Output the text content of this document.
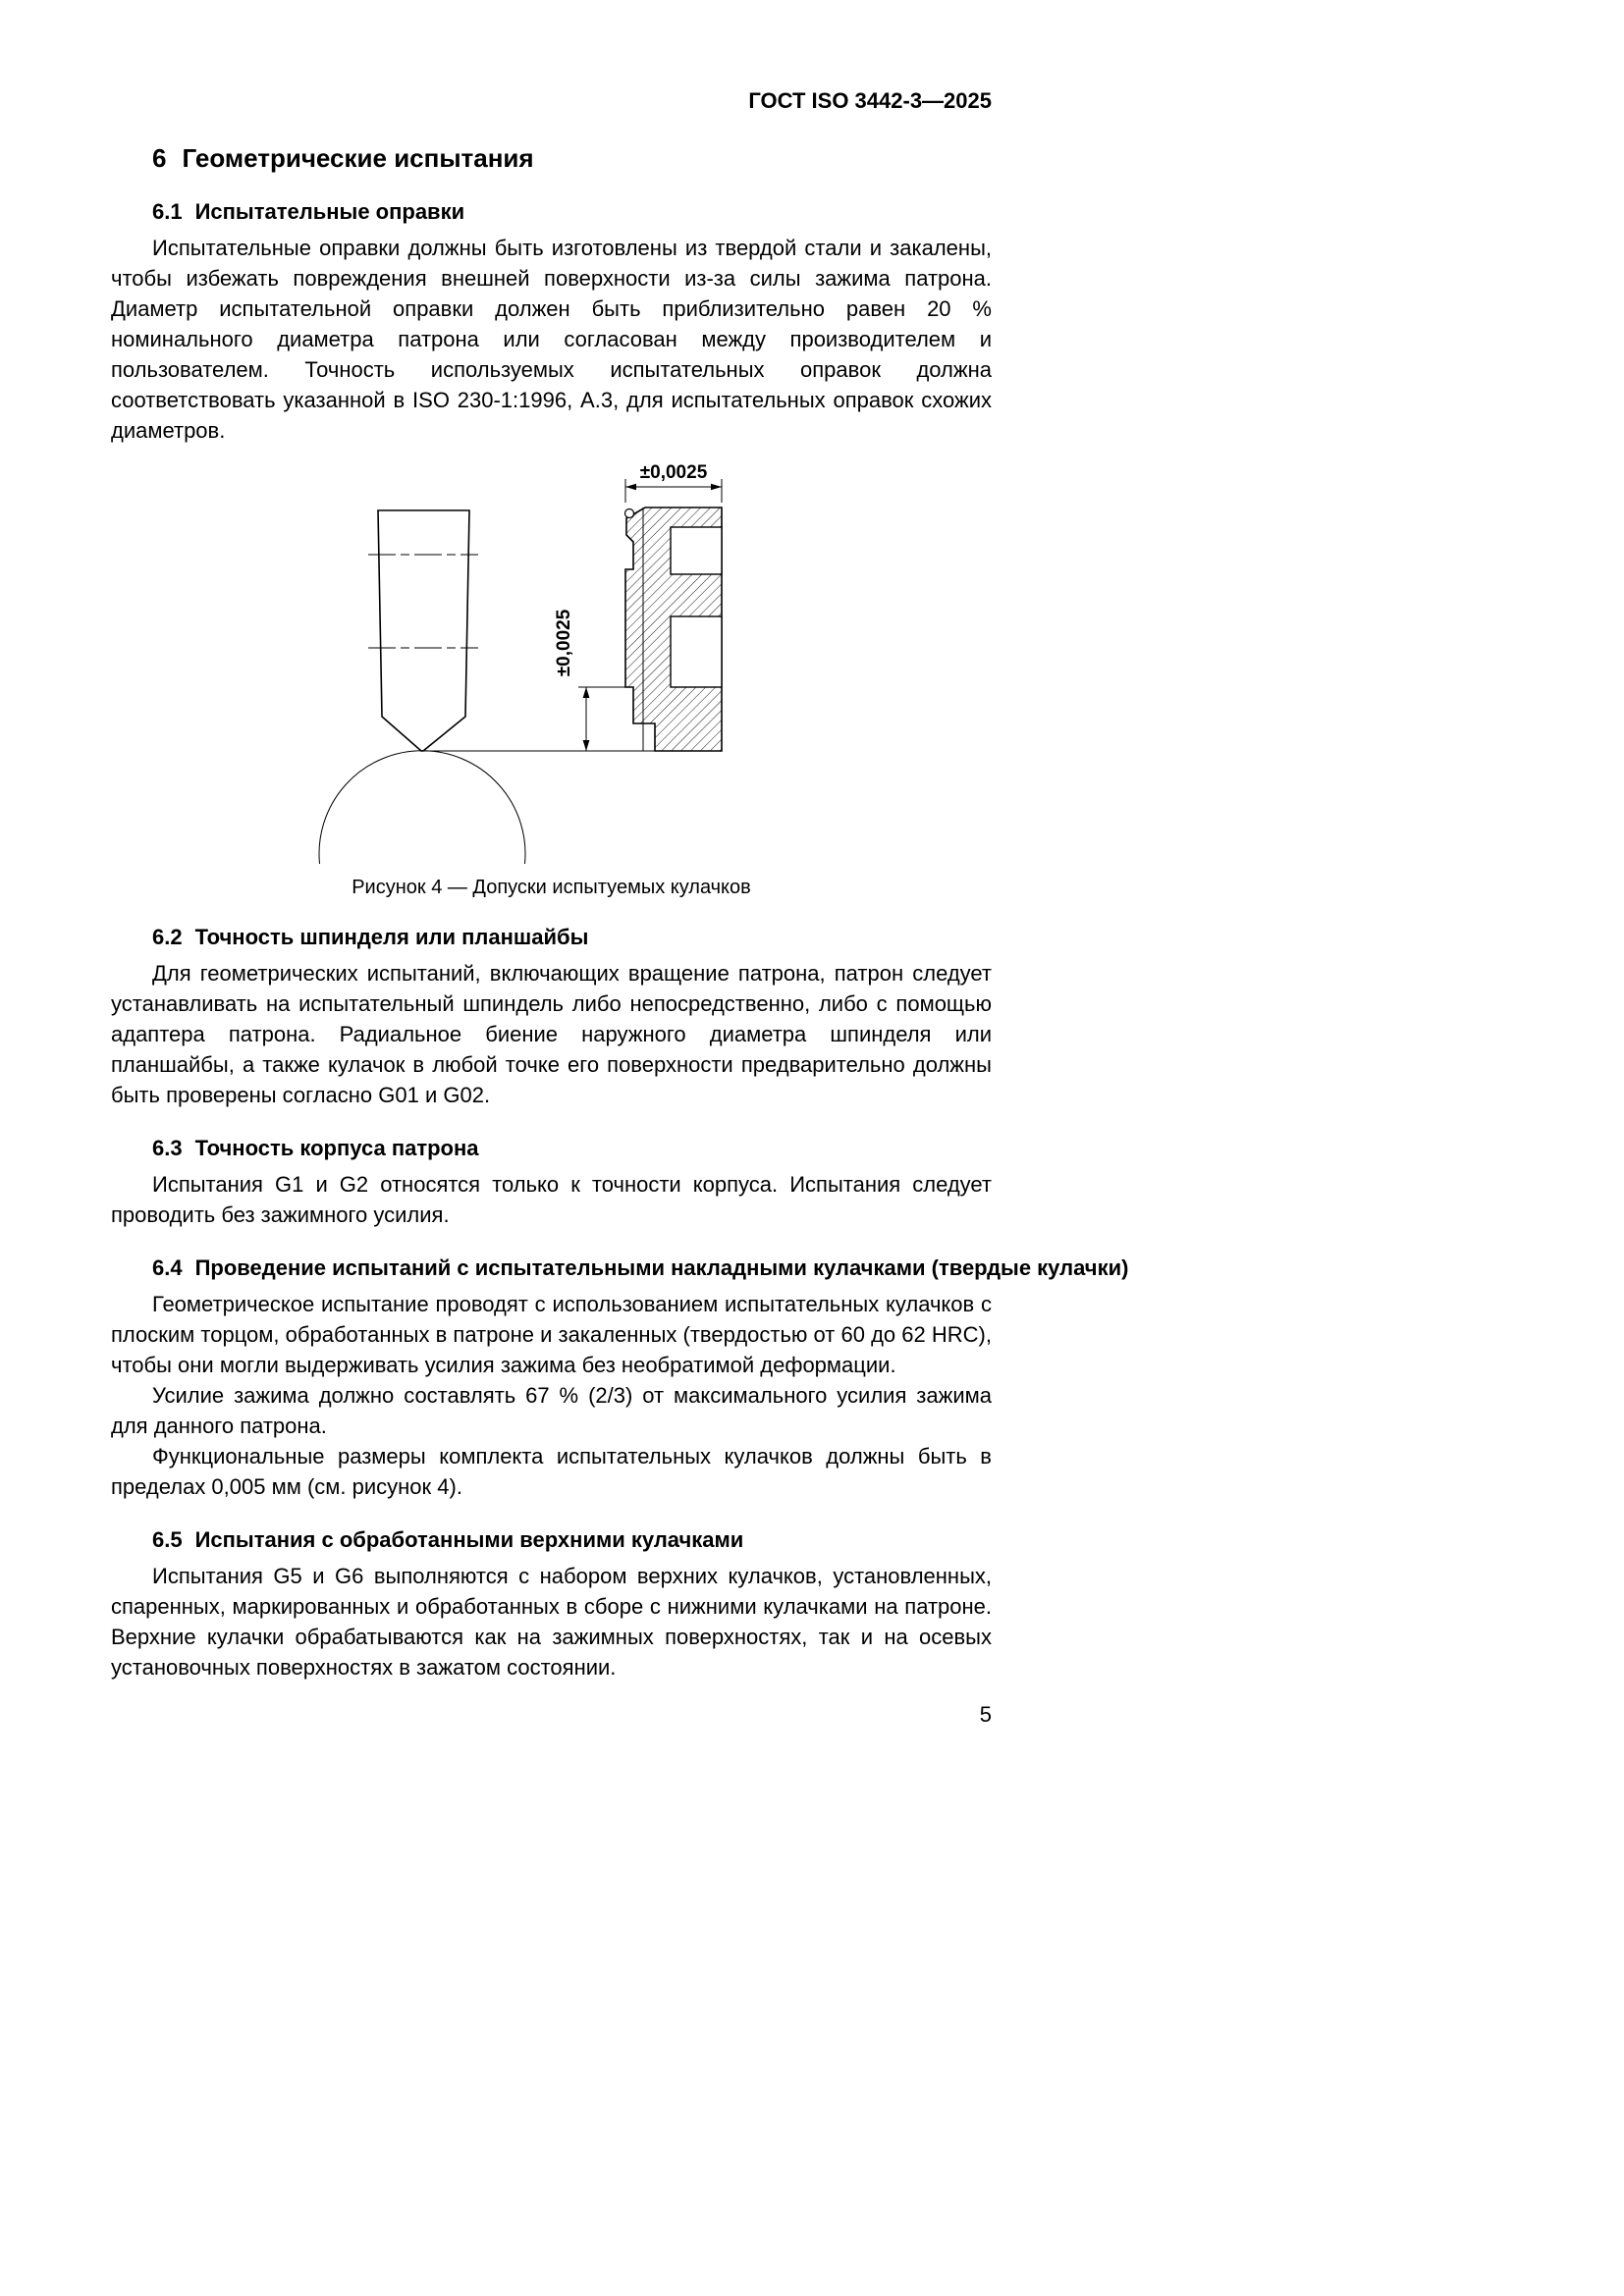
ГОСТ ISO 3442-3—2025
6 Геометрические испытания
6.1 Испытательные оправки
Испытательные оправки должны быть изготовлены из твердой стали и закалены, чтобы избежать повреждения внешней поверхности из-за силы зажима патрона. Диаметр испытательной оправки должен быть приблизительно равен 20 % номинального диаметра патрона или согласован между производителем и пользователем. Точность используемых испытательных оправок должна соответствовать указанной в ISO 230-1:1996, А.3, для испытательных оправок схожих диаметров.
±0,0025
±0,0025
Рисунок 4 — Допуски испытуемых кулачков
6.2 Точность шпинделя или планшайбы
Для геометрических испытаний, включающих вращение патрона, патрон следует устанавливать на испытательный шпиндель либо непосредственно, либо с помощью адаптера патрона. Радиальное биение наружного диаметра шпинделя или планшайбы, а также кулачок в любой точке его поверхности предварительно должны быть проверены согласно G01 и G02.
6.3 Точность корпуса патрона
Испытания G1 и G2 относятся только к точности корпуса. Испытания следует проводить без зажимного усилия.
6.4 Проведение испытаний с испытательными накладными кулачками (твердые кулачки)
Геометрическое испытание проводят с использованием испытательных кулачков с плоским торцом, обработанных в патроне и закаленных (твердостью от 60 до 62 HRC), чтобы они могли выдерживать усилия зажима без необратимой деформации.
Усилие зажима должно составлять 67 % (2/3) от максимального усилия зажима для данного патрона.
Функциональные размеры комплекта испытательных кулачков должны быть в пределах 0,005 мм (см. рисунок 4).
6.5 Испытания с обработанными верхними кулачками
Испытания G5 и G6 выполняются с набором верхних кулачков, установленных, спаренных, маркированных и обработанных в сборе с нижними кулачками на патроне. Верхние кулачки обрабатываются как на зажимных поверхностях, так и на осевых установочных поверхностях в зажатом состоянии.
5
